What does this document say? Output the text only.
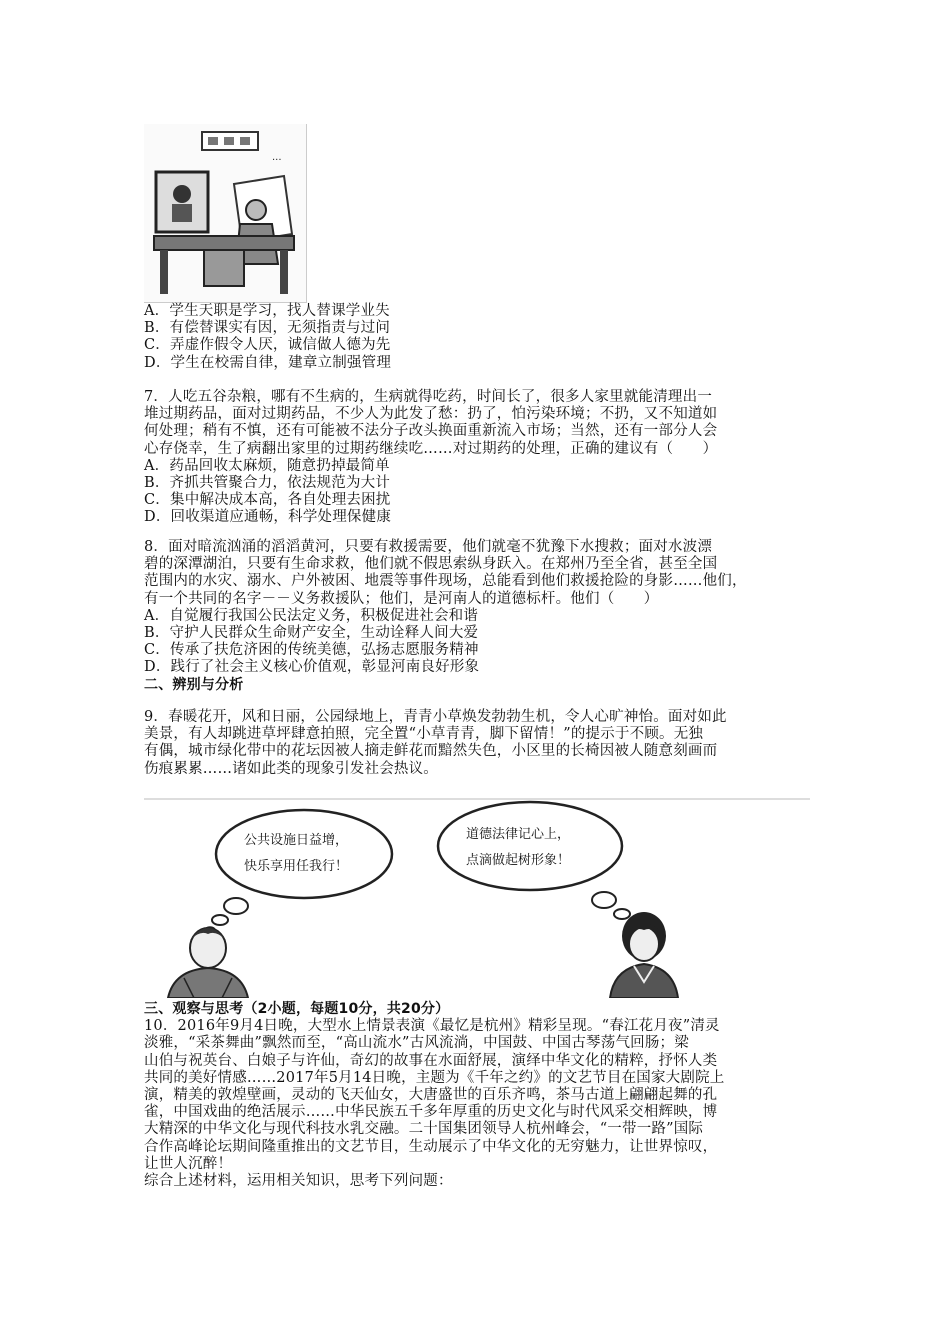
...
A．学生天职是学习，找人替课学业失
B．有偿替课实有因，无须指责与过问
C．弄虚作假令人厌，诚信做人德为先
D．学生在校需自律，建章立制强管理
7．人吃五谷杂粮，哪有不生病的，生病就得吃药，时间长了，很多人家里就能清理出一
堆过期药品，面对过期药品，不少人为此发了愁：扔了，怕污染环境；不扔，又不知道如
何处理；稍有不慎，还有可能被不法分子改头换面重新流入市场；当然，还有一部分人会
心存侥幸，生了病翻出家里的过期药继续吃……对过期药的处理，正确的建议有（　　）
A．药品回收太麻烦，随意扔掉最简单
B．齐抓共管聚合力，依法规范为大计
C．集中解决成本高，各自处理去困扰
D．回收渠道应通畅，科学处理保健康
8．面对暗流汹涌的滔滔黄河，只要有救援需要，他们就毫不犹豫下水搜救；面对水波漂
碧的深潭湖泊，只要有生命求救，他们就不假思索纵身跃入。在郑州乃至全省，甚至全国
范围内的水灾、溺水、户外被困、地震等事件现场，总能看到他们救援抢险的身影……他们，
有一个共同的名字－－义务救援队；他们，是河南人的道德标杆。他们（　　）
A．自觉履行我国公民法定义务，积极促进社会和谐
B．守护人民群众生命财产安全，生动诠释人间大爱
C．传承了扶危济困的传统美德，弘扬志愿服务精神
D．践行了社会主义核心价值观，彰显河南良好形象
二、辨别与分析
9．春暖花开，风和日丽，公园绿地上，青青小草焕发勃勃生机，令人心旷神怡。面对如此
美景，有人却跳进草坪肆意拍照，完全置“小草青青，脚下留情！”的提示于不顾。无独
有偶，城市绿化带中的花坛因被人摘走鲜花而黯然失色，小区里的长椅因被人随意刻画而
伤痕累累……诸如此类的现象引发社会热议。
公共设施日益增，
快乐享用任我行！
道德法律记心上，
点滴做起树形象！
三、观察与思考（2小题，每题10分，共20分）
10．2016年9月4日晚，大型水上情景表演《最忆是杭州》精彩呈现。“春江花月夜”清灵
淡雅，“采茶舞曲”飘然而至，“高山流水”古风流淌，中国鼓、中国古琴荡气回肠；梁
山伯与祝英台、白娘子与许仙，奇幻的故事在水面舒展，演绎中华文化的精粹，抒怀人类
共同的美好情感……2017年5月14日晚，主题为《千年之约》的文艺节目在国家大剧院上
演，精美的敦煌壁画，灵动的飞天仙女，大唐盛世的百乐齐鸣，茶马古道上翩翩起舞的孔
雀，中国戏曲的绝活展示……中华民族五千多年厚重的历史文化与时代风采交相辉映，博
大精深的中华文化与现代科技水乳交融。二十国集团领导人杭州峰会，“一带一路”国际
合作高峰论坛期间隆重推出的文艺节目，生动展示了中华文化的无穷魅力，让世界惊叹，
让世人沉醉！
综合上述材料，运用相关知识，思考下列问题：
